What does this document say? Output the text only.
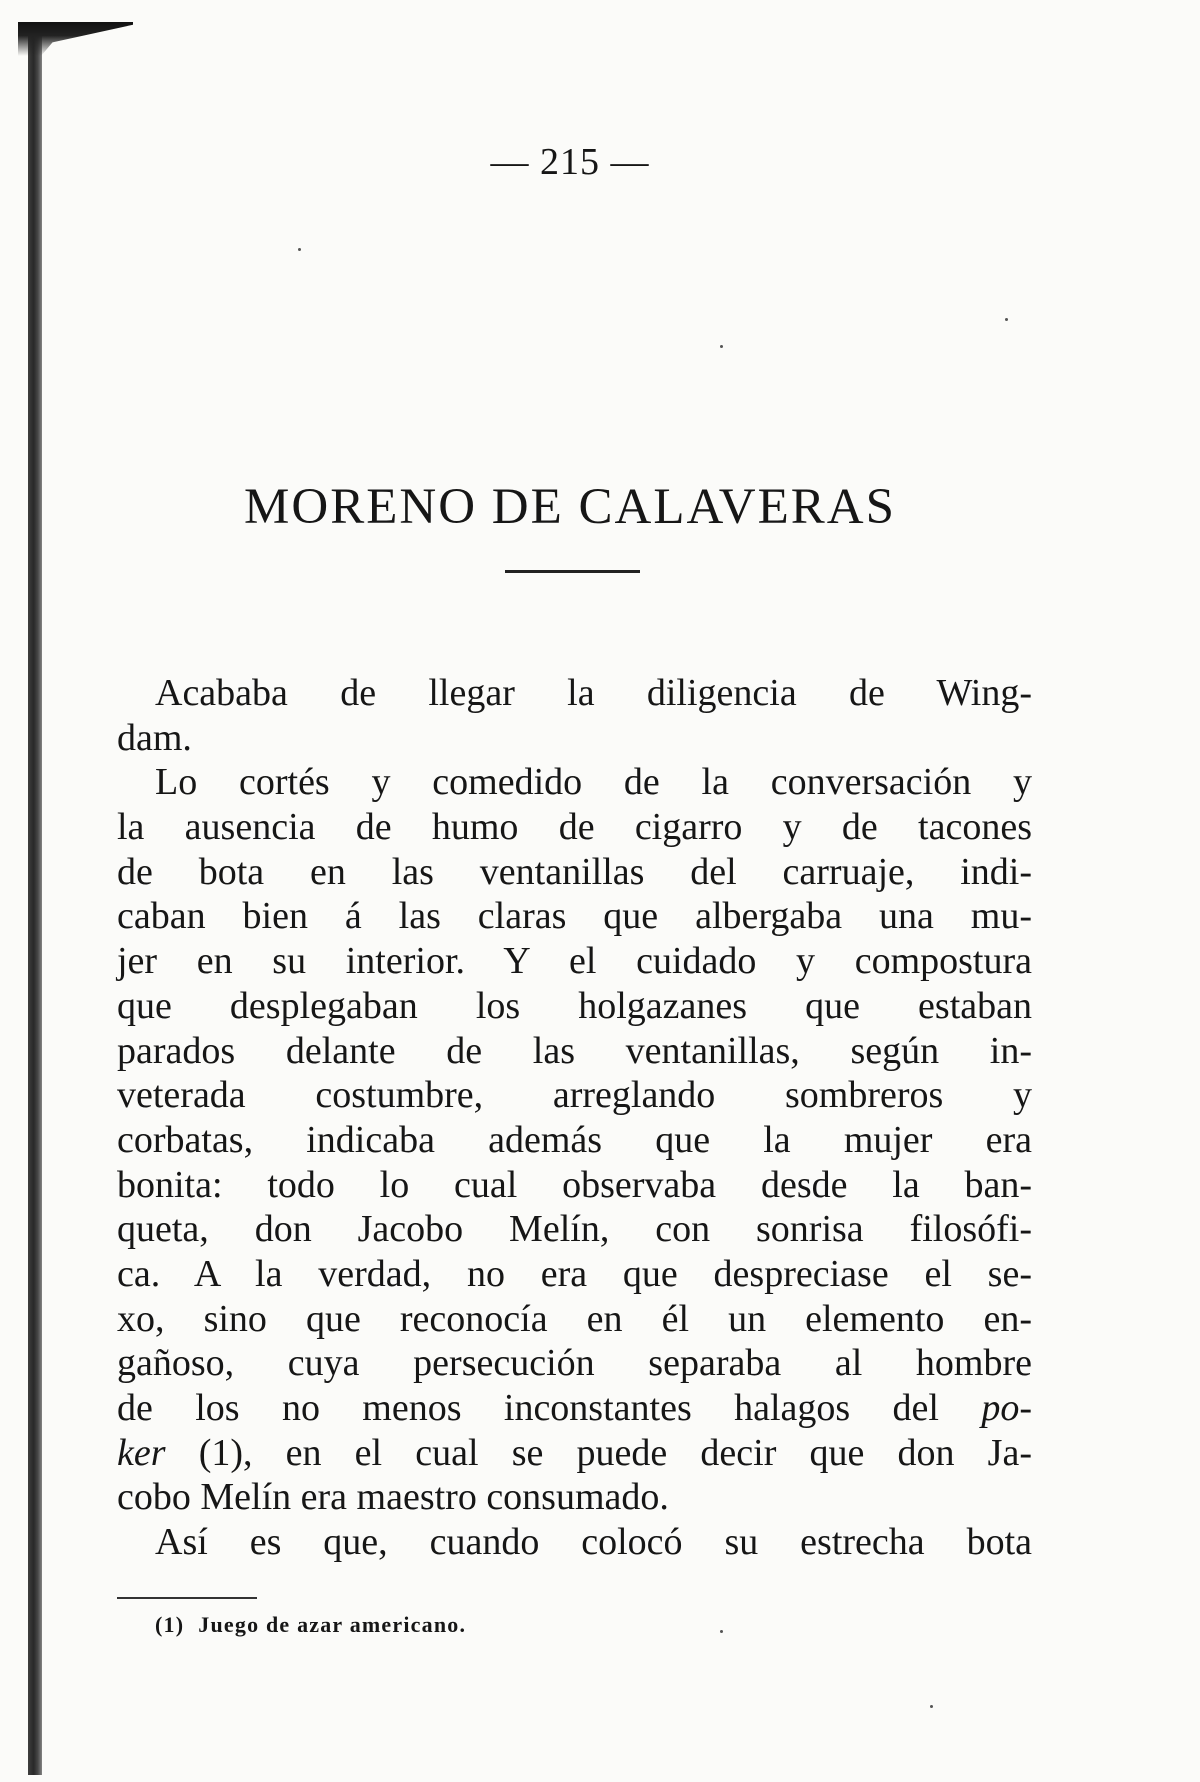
— 215 —
MORENO DE CALAVERAS
Acababa de llegar la diligencia de Wing-
dam.
Lo cortés y comedido de la conversación y
la ausencia de humo de cigarro y de tacones
de bota en las ventanillas del carruaje, indi-
caban bien á las claras que albergaba una mu-
jer en su interior. Y el cuidado y compostura
que desplegaban los holgazanes que estaban
parados delante de las ventanillas, según in-
veterada costumbre, arreglando sombreros y
corbatas, indicaba además que la mujer era
bonita: todo lo cual observaba desde la ban-
queta, don Jacobo Melín, con sonrisa filosófi-
ca. A la verdad, no era que despreciase el se-
xo, sino que reconocía en él un elemento en-
gañoso, cuya persecución separaba al hombre
de los no menos inconstantes halagos del po-
ker (1), en el cual se puede decir que don Ja-
cobo Melín era maestro consumado.
Así es que, cuando colocó su estrecha bota
(1) Juego de azar americano.
